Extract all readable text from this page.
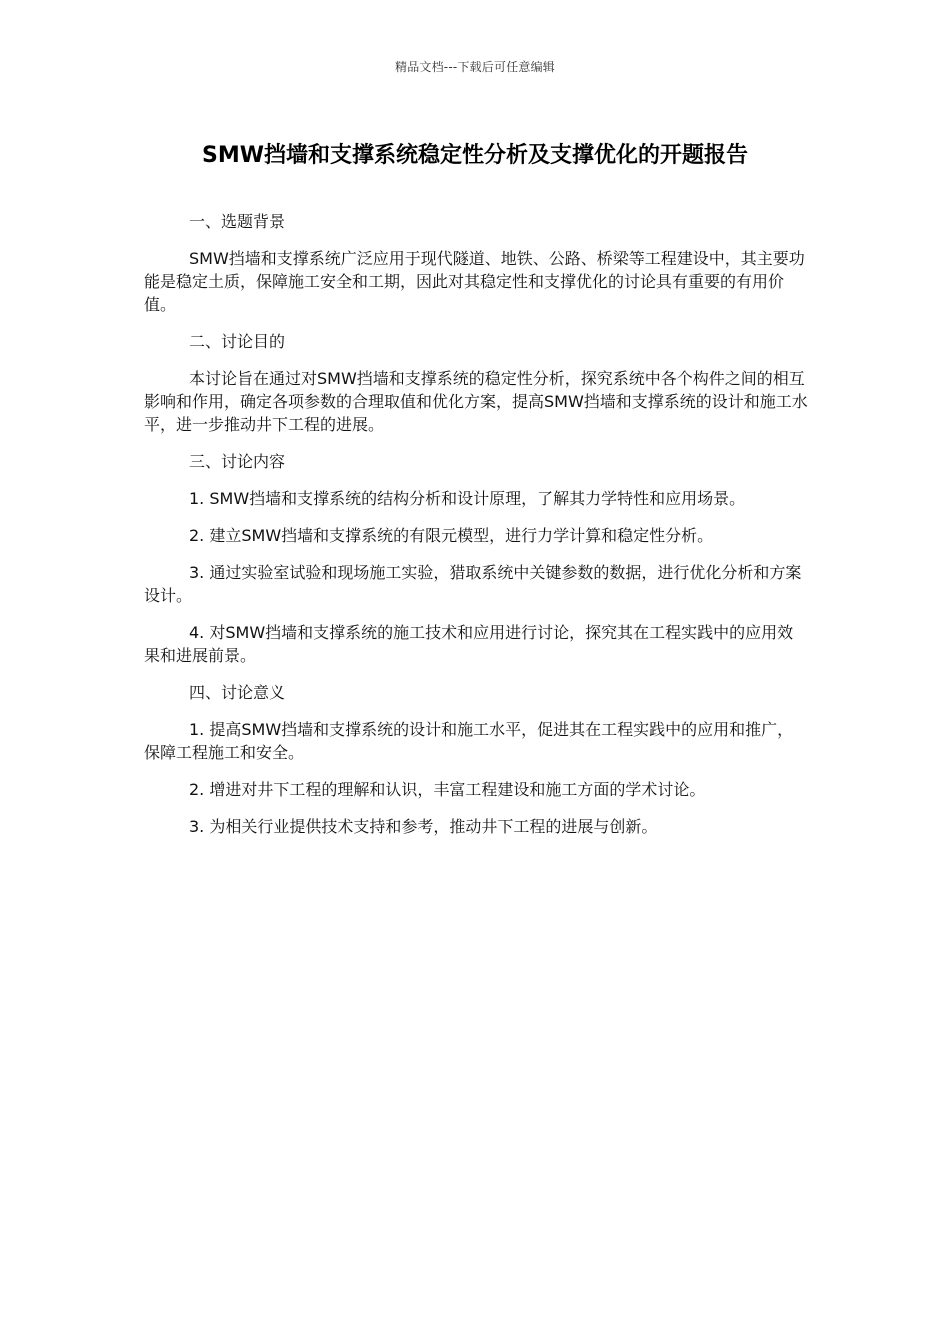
精品文档---下载后可任意编辑
SMW挡墙和支撑系统稳定性分析及支撑优化的开题报告

一、选题背景

SMW挡墙和支撑系统广泛应用于现代隧道、地铁、公路、桥梁等工程建设中，其主要功能是稳定土质，保障施工安全和工期，因此对其稳定性和支撑优化的讨论具有重要的有用价值。

二、讨论目的

本讨论旨在通过对SMW挡墙和支撑系统的稳定性分析，探究系统中各个构件之间的相互影响和作用，确定各项参数的合理取值和优化方案，提高SMW挡墙和支撑系统的设计和施工水平，进一步推动井下工程的进展。

三、讨论内容

1. SMW挡墙和支撑系统的结构分析和设计原理，了解其力学特性和应用场景。

2. 建立SMW挡墙和支撑系统的有限元模型，进行力学计算和稳定性分析。

3. 通过实验室试验和现场施工实验，猎取系统中关键参数的数据，进行优化分析和方案设计。

4. 对SMW挡墙和支撑系统的施工技术和应用进行讨论，探究其在工程实践中的应用效果和进展前景。

四、讨论意义

1. 提高SMW挡墙和支撑系统的设计和施工水平，促进其在工程实践中的应用和推广，保障工程施工和安全。

2. 增进对井下工程的理解和认识，丰富工程建设和施工方面的学术讨论。

3. 为相关行业提供技术支持和参考，推动井下工程的进展与创新。
